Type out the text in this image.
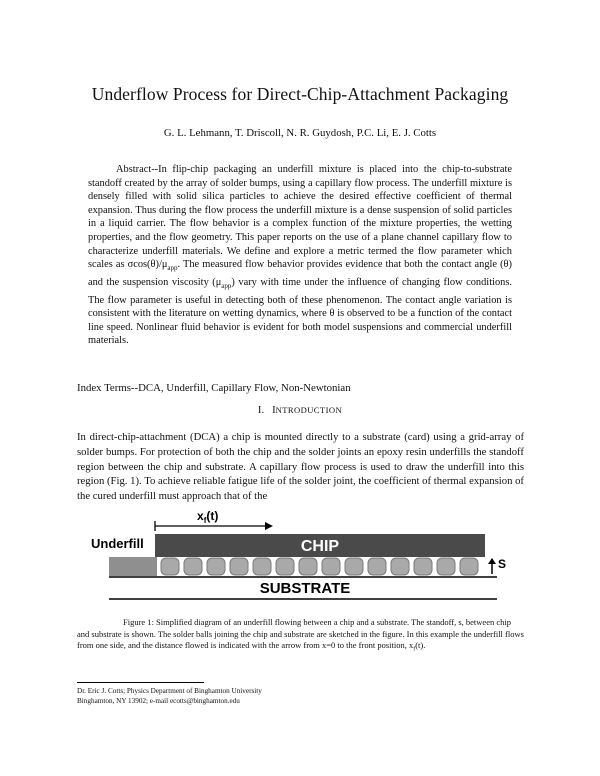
Underflow Process for Direct-Chip-Attachment Packaging
G. L. Lehmann, T. Driscoll, N. R. Guydosh, P.C. Li, E. J. Cotts

Abstract--In flip-chip packaging an underfill mixture is placed into the chip-to-substrate standoff created by the array of solder bumps, using a capillary flow process. The underfill mixture is densely filled with solid silica particles to achieve the desired effective coefficient of thermal expansion. Thus during the flow process the underfill mixture is a dense suspension of solid particles in a liquid carrier. The flow behavior is a complex function of the mixture properties, the wetting properties, and the flow geometry. This paper reports on the use of a plane channel capillary flow to characterize underfill materials. We define and explore a metric termed the flow parameter which scales as $\sigma\cos(\theta)/\mu_{app}$. The measured flow behavior provides evidence that both the contact angle (θ) and the suspension viscosity $(\mu_{app})$ vary with time under the influence of changing flow conditions. The flow parameter is useful in detecting both of these phenomenon. The contact angle variation is consistent with the literature on wetting dynamics, where θ is observed to be a function of the contact line speed. Nonlinear fluid behavior is evident for both model suspensions and commercial underfill materials.

Index Terms--DCA, Underfill, Capillary Flow, Non-Newtonian
I. INTRODUCTION

In direct-chip-attachment (DCA) a chip is mounted directly to a substrate (card) using a grid-array of solder bumps. For protection of both the chip and the solder joints an epoxy resin underfills the standoff region between the chip and substrate. A capillary flow process is used to draw the underfill into this region (Fig. 1). To achieve reliable fatigue life of the solder joint, the coefficient of thermal expansion of the cured underfill must approach that of the

$x_f(t)$
Underfill	CHIP
S
SUBSTRATE

Figure 1: Simplified diagram of an underfill flowing between a chip and a substrate. The standoff, s, between chip and substrate is shown. The solder balls joining the chip and substrate are sketched in the figure. In this example the underfill flows from one side, and the distance flowed is indicated with the arrow from x=0 to the front position, $x_f(t)$.

Dr. Eric J. Cotts; Physics Department of Binghamton University
Binghamton, NY 13902; e-mail ecotts@binghamton.edu
